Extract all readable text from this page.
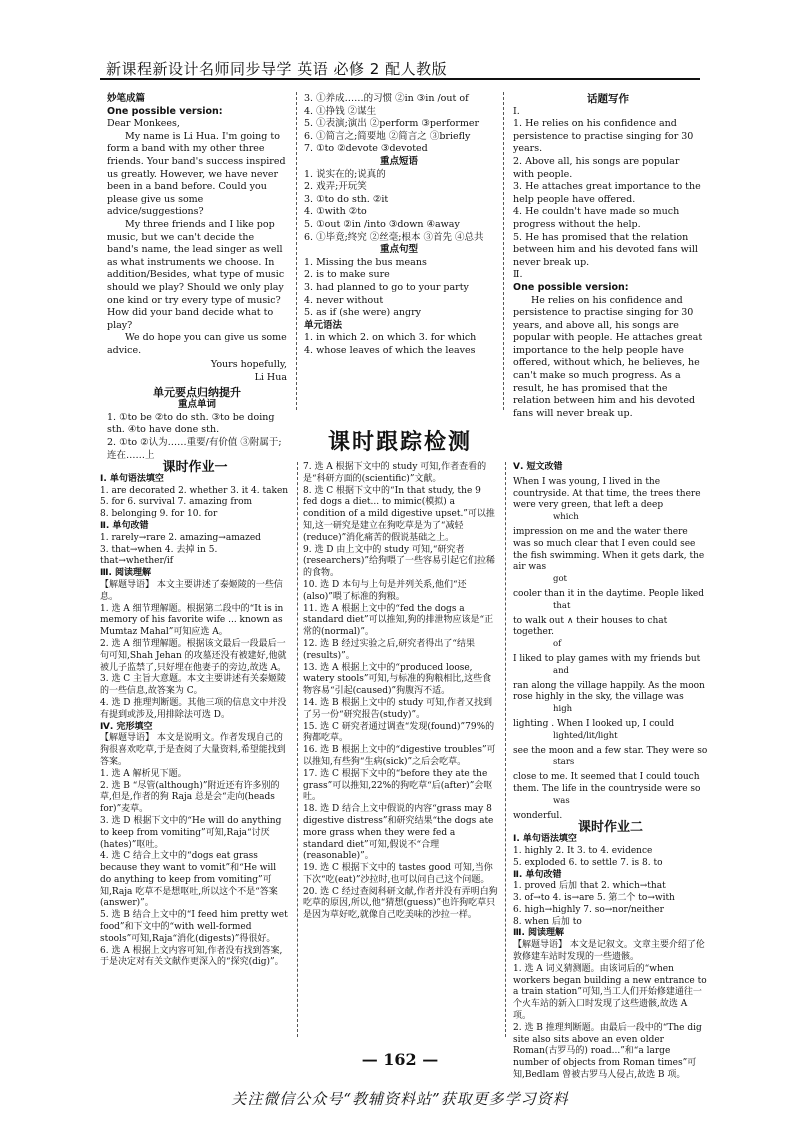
新课程新设计名师同步导学 英语 必修 2 配人教版

妙笔成篇

One possible version:

Dear Monkees,

My name is Li Hua. I'm going to form a band with my other three friends. Your band's success inspired us greatly. However, we have never been in a band before. Could you please give us some advice/suggestions?

My three friends and I like pop music, but we can't decide the band's name, the lead singer as well as what instruments we choose. In addition/Besides, what type of music should we play? Should we only play one kind or try every type of music? How did your band decide what to play?

We do hope you can give us some advice.

Yours hopefully,

Li Hua

单元要点归纳提升

重点单词

1. ①to be ②to do sth. ③to be doing sth. ④to have done sth.

2. ①to ②认为……重要/有价值 ③附属于;连在……上

3. ①养成……的习惯 ②in ③in /out of

4. ①挣钱 ②谋生

5. ①表演;演出 ②perform ③performer

6. ①简言之;简要地 ②简言之 ③briefly

7. ①to ②devote ③devoted

重点短语

1. 说实在的;说真的

2. 戏弄;开玩笑

3. ①to do sth. ②it

4. ①with ②to

5. ①out ②in /into ③down ④away

6. ①毕竟;终究 ②丝毫;根本 ③首先 ④总共

重点句型

1. Missing the bus means

2. is to make sure

3. had planned to go to your party

4. never without

5. as if (she were) angry

单元语法

1. in which 2. on which 3. for which

4. whose leaves of which the leaves

话题写作

Ⅰ.

1. He relies on his confidence and persistence to practise singing for 30 years.

2. Above all, his songs are popular with people.

3. He attaches great importance to the help people have offered.

4. He couldn't have made so much progress without the help.

5. He has promised that the relation between him and his devoted fans will never break up.

Ⅱ.

One possible version:

He relies on his confidence and persistence to practise singing for 30 years, and above all, his songs are popular with people. He attaches great importance to the help people have offered, without which, he believes, he can't make so much progress. As a result, he has promised that the relation between him and his devoted fans will never break up.

课时跟踪检测

课时作业一

Ⅰ. 单句语法填空

1. are decorated 2. whether 3. it 4. taken

5. for 6. survival 7. amazing from

8. belonging 9. for 10. for

Ⅱ. 单句改错

1. rarely→rare 2. amazing→amazed

3. that→when 4. 去掉 in 5. that→whether/if

Ⅲ. 阅读理解

【解题导语】 本文主要讲述了泰姬陵的一些信息。

1. 选 A 细节理解题。根据第二段中的“It is in memory of his favorite wife ... known as Mumtaz Mahal”可知应选 A。

2. 选 A 细节理解题。根据该文最后一段最后一句可知,Shah Jehan 的攻墓还没有被建好,他就被儿子监禁了,只好埋在他妻子的旁边,故选 A。

3. 选 C 主旨大意题。本文主要讲述有关泰姬陵的一些信息,故答案为 C。

4. 选 D 推理判断题。其他三项的信息文中并没有提到或涉及,用排除法可选 D。

Ⅳ. 完形填空

【解题导语】 本文是说明文。作者发现自己的狗很喜欢吃草,于是查阅了大量资料,希望能找到答案。

1. 选 A 解析见下题。

2. 选 B “尽管(although)”附近还有许多别的草,但是,作者的狗 Raja 总是会“走向(heads for)”麦草。

3. 选 D 根据下文中的“He will do anything to keep from vomiting”可知,Raja“讨厌(hates)”呕吐。

4. 选 C 结合上文中的“dogs eat grass because they want to vomit”和“He will do anything to keep from vomiting”可知,Raja 吃草不是想呕吐,所以这个不是“答案(answer)”。

5. 选 B 结合上文中的“I feed him pretty wet food”和下文中的“with well-formed stools”可知,Raja“消化(digests)”得很好。

6. 选 A 根据上文内容可知,作者没有找到答案,于是决定对有关文献作更深入的“探究(dig)”。

7. 选 A 根据下文中的 study 可知,作者查看的是“科研方面的(scientific)”文献。

8. 选 C 根据下文中的“In that study, the 9 fed dogs a diet... to mimic(模拟) a condition of a mild digestive upset.”可以推知,这一研究是建立在狗吃草是为了“减轻(reduce)”消化痛苦的假说基础之上。

9. 选 D 由上文中的 study 可知,“研究者(researchers)”给狗喂了一些容易引起它们拉稀的食物。

10. 选 D 本句与上句是并列关系,他们“还(also)”喂了标准的狗粮。

11. 选 A 根据上文中的“fed the dogs a standard diet”可以推知,狗的排泄物应该是“正常的(normal)”。

12. 选 B 经过实验之后,研究者得出了“结果(results)”。

13. 选 A 根据上文中的“produced loose, watery stools”可知,与标准的狗粮相比,这些食物容易“引起(caused)”狗腹泻不适。

14. 选 B 根据上文中的 study 可知,作者又找到了另一份“研究报告(study)”。

15. 选 C 研究者通过调查“发现(found)”79%的狗都吃草。

16. 选 B 根据上文中的“digestive troubles”可以推知,有些狗“生病(sick)”之后会吃草。

17. 选 C 根据下文中的“before they ate the grass”可以推知,22%的狗吃草“后(after)”会呕吐。

18. 选 D 结合上文中假说的内容“grass may 8 digestive distress”和研究结果“the dogs ate more grass when they were fed a standard diet”可知,假说不“合理(reasonable)”。

19. 选 C 根据下文中的 tastes good 可知,当你下次“吃(eat)”沙拉时,也可以问自己这个问题。

20. 选 C 经过查阅科研文献,作者并没有弄明白狗吃草的原因,所以,他“猜想(guess)”也许狗吃草只是因为草好吃,就像自己吃美味的沙拉一样。

Ⅴ. 短文改错

When I was young, I lived in the countryside. At that time, the trees there were very green, that left a deep
which
impression on me and the water there was so much clear that I even could see the fish swimming. When it gets dark, the air was
got
cooler than it in the daytime. People liked
that
to walk out ∧ their houses to chat together.
of
I liked to play games with my friends but
and
ran along the village happily. As the moon rose highly in the sky, the village was
high
lighting . When I looked up, I could
lighted/lit/light
see the moon and a few star. They were so
stars
close to me. It seemed that I could touch them. The life in the countryside were so
was

wonderful.

课时作业二

Ⅰ. 单句语法填空

1. highly 2. It 3. to 4. evidence

5. exploded 6. to settle 7. is 8. to

Ⅱ. 单句改错

1. proved 后加 that 2. which→that

3. of→to 4. is→are 5. 第二个 to→with

6. high→highly 7. so→nor/neither

8. when 后加 to

Ⅲ. 阅读理解

【解题导语】 本文是记叙文。文章主要介绍了伦敦修建车站时发现的一些遗骸。

1. 选 A 词义猜测题。由该词后的“when workers began building a new entrance to a train station”可知,当工人们开始修建通往一个火车站的新入口时发现了这些遗骸,故选 A 项。

2. 选 B 推理判断题。由最后一段中的“The dig site also sits above an even older Roman(古罗马的) road...”和“a large number of objects from Roman times”可知,Bedlam 曾被古罗马人侵占,故选 B 项。

— 162 —
关注微信公众号“教辅资料站”获取更多学习资料
